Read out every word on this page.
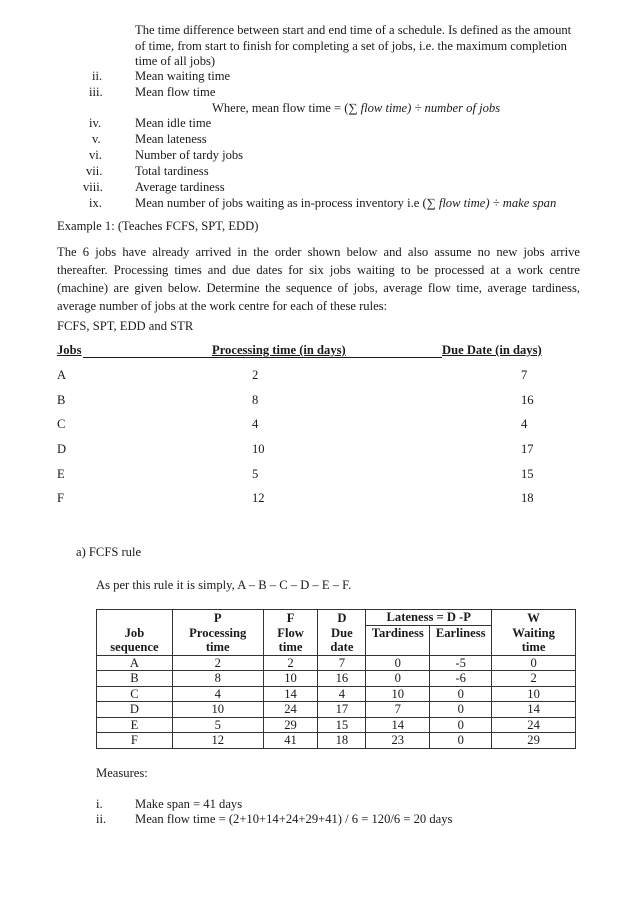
The time difference between start and end time of a schedule. Is defined as the amount
of time, from start to finish for completing a set of jobs, i.e. the maximum completion
time of all jobs)
ii.	Mean waiting time
iii.	Mean flow time
Where, mean flow time = (∑ flow time) ÷ number of jobs
iv.	Mean idle time
v.	Mean lateness
vi.	Number of tardy jobs
vii.	Total tardiness
viii.	Average tardiness
ix.	Mean number of jobs waiting as in-process inventory i.e (∑ flow time) ÷ make span
Example 1: (Teaches FCFS, SPT, EDD)
The 6 jobs have already arrived in the order shown below and also assume no new jobs arrive thereafter. Processing times and due dates for six jobs waiting to be processed at a work centre (machine) are given below. Determine the sequence of jobs, average flow time, average tardiness, average number of jobs at the work centre for each of these rules:
FCFS, SPT, EDD and STR
Jobs	Processing time (in days)	Due Date (in days)
A	2	7
B	8	16
C	4	4
D	10	17
E	5	15
F	12	18
a) FCFS rule
As per this rule it is simply, A – B – C – D – E – F.
	P	F	D	Lateness = D -P		W
Job	Processing	Flow	Due	Tardiness	Earliness	Waiting
sequence	time	time	date			time
A	2	2	7	0	-5	0
B	8	10	16	0	-6	2
C	4	14	4	10	0	10
D	10	24	17	7	0	14
E	5	29	15	14	0	24
F	12	41	18	23	0	29
Measures:
i.	Make span = 41 days
ii. Mean flow time = (2+10+14+24+29+41) / 6 = 120/6 = 20 days
